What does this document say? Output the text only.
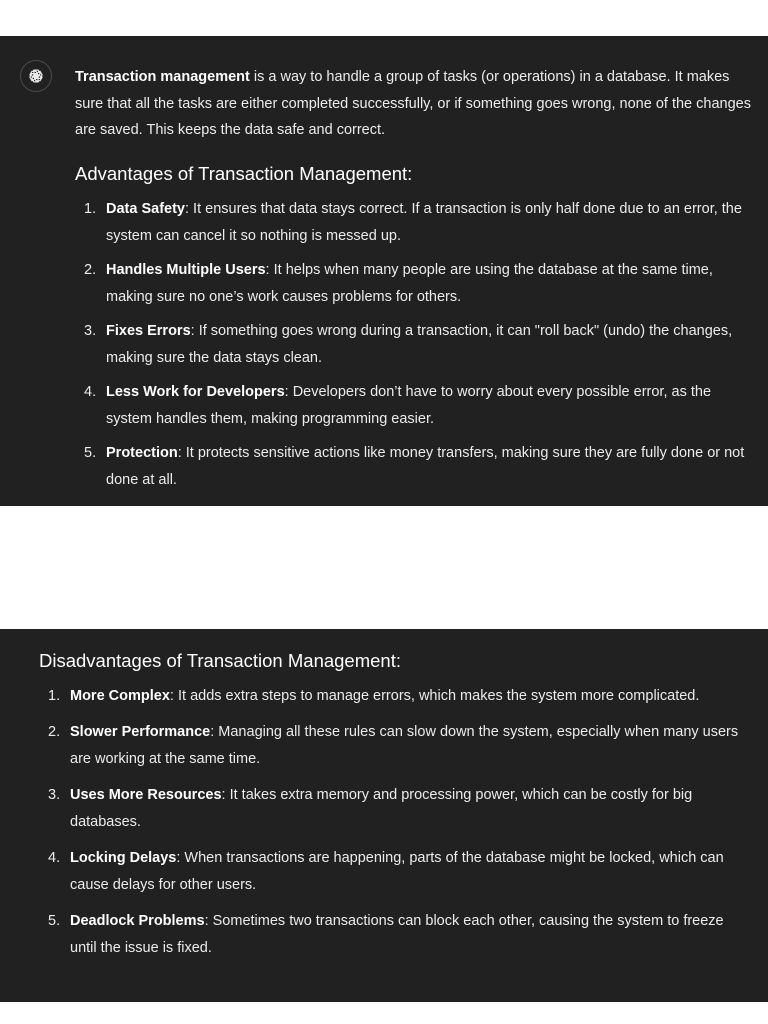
Transaction management is a way to handle a group of tasks (or operations) in a database. It makes sure that all the tasks are either completed successfully, or if something goes wrong, none of the changes are saved. This keeps the data safe and correct.

Advantages of Transaction Management:
1. Data Safety: It ensures that data stays correct. If a transaction is only half done due to an error, the system can cancel it so nothing is messed up.
2. Handles Multiple Users: It helps when many people are using the database at the same time, making sure no one’s work causes problems for others.
3. Fixes Errors: If something goes wrong during a transaction, it can "roll back" (undo) the changes, making sure the data stays clean.
4. Less Work for Developers: Developers don’t have to worry about every possible error, as the system handles them, making programming easier.
5. Protection: It protects sensitive actions like money transfers, making sure they are fully done or not done at all.
Disadvantages of Transaction Management:
1. More Complex: It adds extra steps to manage errors, which makes the system more complicated.
2. Slower Performance: Managing all these rules can slow down the system, especially when many users are working at the same time.
3. Uses More Resources: It takes extra memory and processing power, which can be costly for big databases.
4. Locking Delays: When transactions are happening, parts of the database might be locked, which can cause delays for other users.
5. Deadlock Problems: Sometimes two transactions can block each other, causing the system to freeze until the issue is fixed.
